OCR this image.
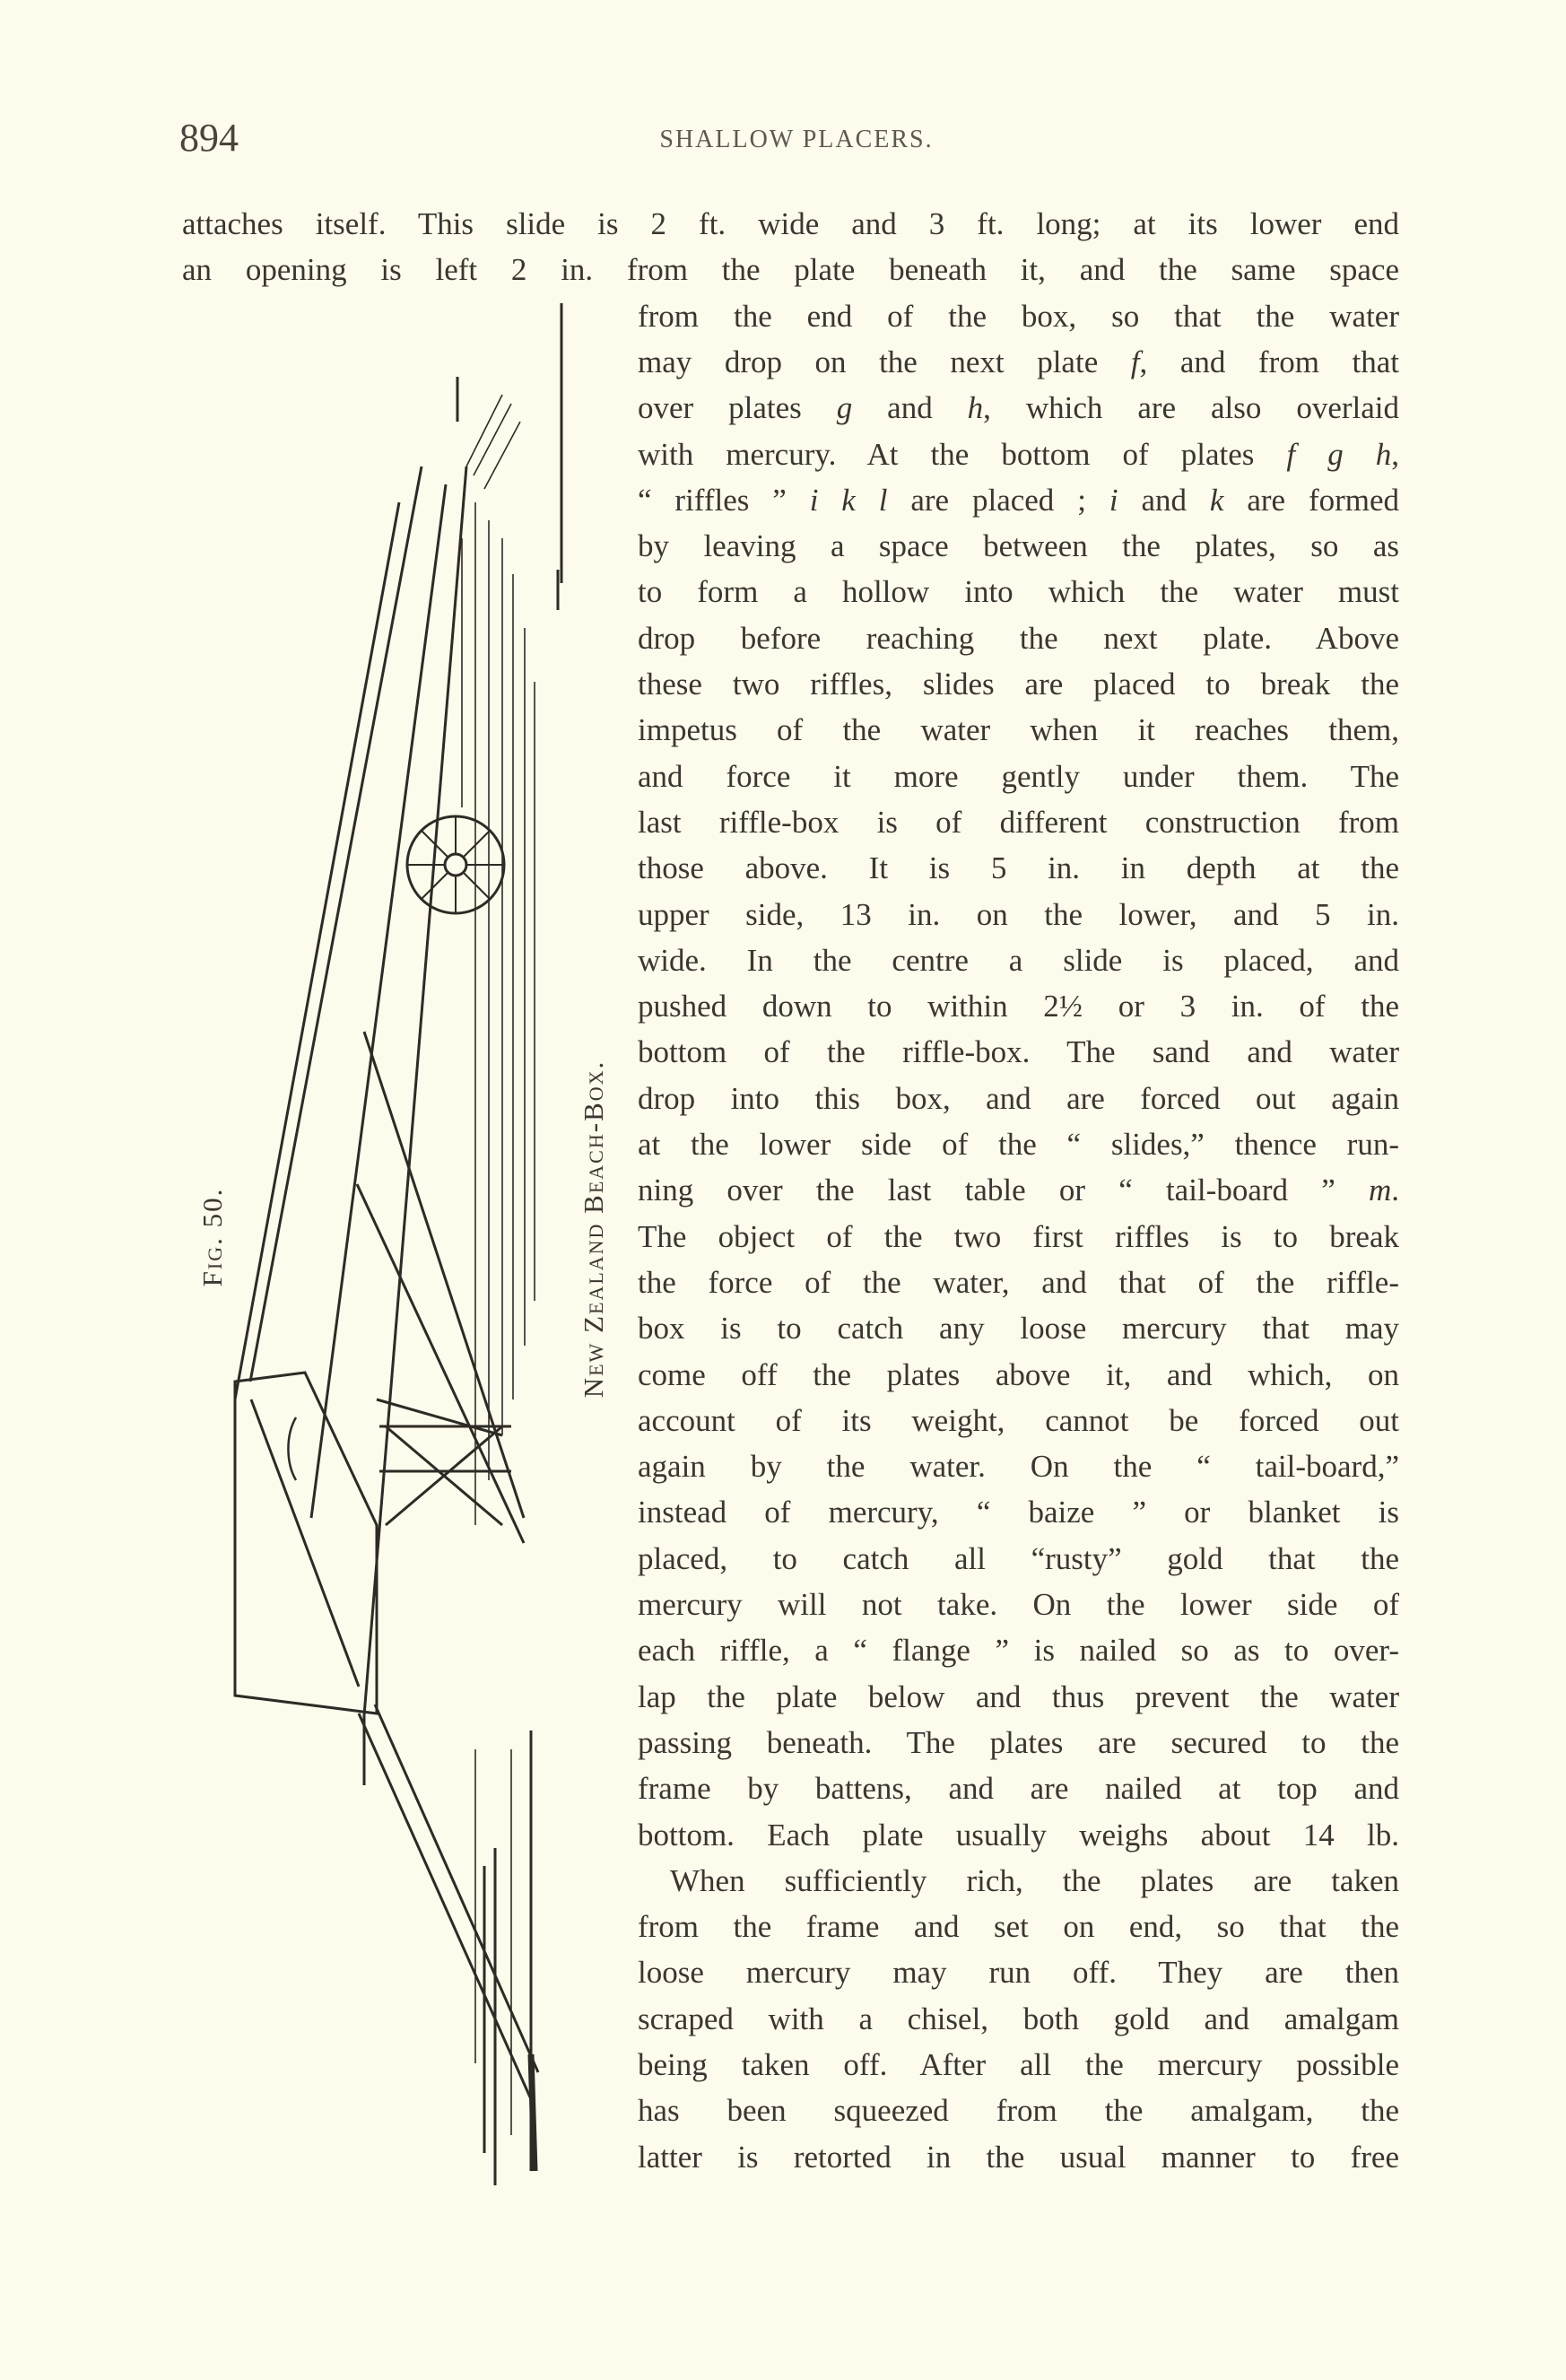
894	SHALLOW PLACERS.
Fig. 50.	New Zealand Beach-Box.
attaches itself. This slide is 2 ft. wide and 3 ft. long; at its lower end
an opening is left 2 in. from the plate beneath it, and the same space
from the end of the box, so that the water
may drop on the next plate f, and from that
over plates g and h, which are also overlaid
with mercury. At the bottom of plates f g h,
“ riffles ” i k l are placed ; i and k are formed
by leaving a space between the plates, so as
to form a hollow into which the water must
drop before reaching the next plate. Above
these two riffles, slides are placed to break the
impetus of the water when it reaches them,
and force it more gently under them. The
last riffle-box is of different construction from
those above. It is 5 in. in depth at the
upper side, 13 in. on the lower, and 5 in.
wide. In the centre a slide is placed, and
pushed down to within 2½ or 3 in. of the
bottom of the riffle-box. The sand and water
drop into this box, and are forced out again
at the lower side of the “ slides,” thence run-
ning over the last table or “ tail-board ” m.
The object of the two first riffles is to break
the force of the water, and that of the riffle-
box is to catch any loose mercury that may
come off the plates above it, and which, on
account of its weight, cannot be forced out
again by the water. On the “ tail-board,”
instead of mercury, “ baize ” or blanket is
placed, to catch all “rusty” gold that the
mercury will not take. On the lower side of
each riffle, a “ flange ” is nailed so as to over-
lap the plate below and thus prevent the water
passing beneath. The plates are secured to the
frame by battens, and are nailed at top and
bottom. Each plate usually weighs about 14 lb.
When sufficiently rich, the plates are taken
from the frame and set on end, so that the
loose mercury may run off. They are then
scraped with a chisel, both gold and amalgam
being taken off. After all the mercury possible
has been squeezed from the amalgam, the
latter is retorted in the usual manner to free
